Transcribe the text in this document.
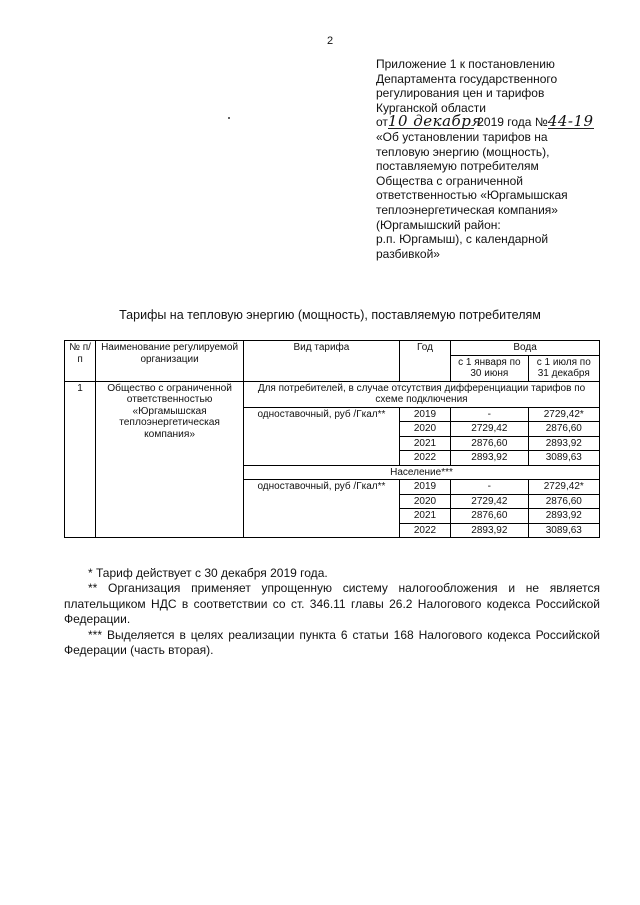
2
Приложение 1 к постановлению
Департамента государственного
регулирования цен и тарифов
Курганской области
от10 декабря 2019 года №44-19
«Об установлении тарифов на
тепловую энергию (мощность),
поставляемую потребителям
Общества с ограниченной
ответственностью «Юргамышская
теплоэнергетическая компания»
(Юргамышский район:
р.п. Юргамыш), с календарной
разбивкой»
Тарифы на тепловую энергию (мощность), поставляемую потребителям
№ п/п	Наименование регулируемой организации	Вид тарифа	Год	Вода	
				с 1 января по 30 июня	с 1 июля по 31 декабря
1	Общество с ограниченной ответственностью «Юргамышская теплоэнергетическая компания»	Для потребителей, в случае отсутствия дифференциации тарифов по схеме подключения			
		одноставочный, руб /Гкал**	2019	-	2729,42*
			2020	2729,42	2876,60
			2021	2876,60	2893,92
			2022	2893,92	3089,63
		Население***			
		одноставочный, руб /Гкал**	2019	-	2729,42*
			2020	2729,42	2876,60
			2021	2876,60	2893,92
			2022	2893,92	3089,63

* Тариф действует с 30 декабря 2019 года.

** Организация применяет упрощенную систему налогообложения и не является плательщиком НДС в соответствии со ст. 346.11 главы 26.2 Налогового кодекса Российской Федерации.

*** Выделяется в целях реализации пункта 6 статьи 168 Налогового кодекса Российской Федерации (часть вторая).
